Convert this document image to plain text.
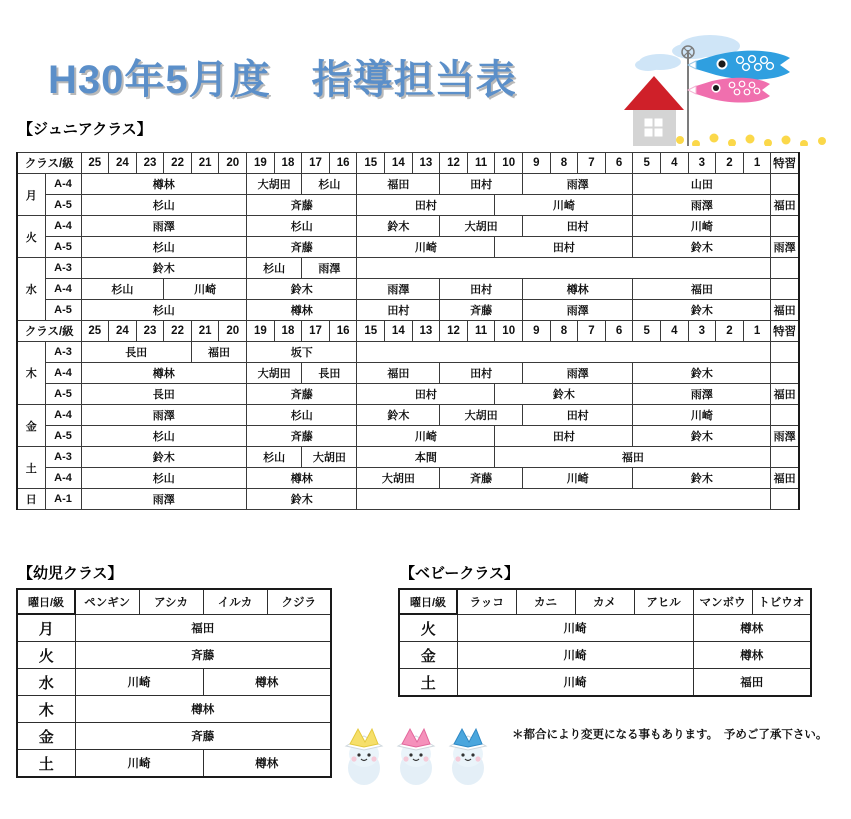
H30年5月度　指導担当表
【ジュニアクラス】
【幼児クラス】	【ベビークラス】
クラス/級		25	24	23	22	21	20	19	18	17	16	15	14	13	12	11	10	9	8	7	6	5	4	3	2	1	特習
月	A-4	樽林						大胡田		杉山		福田			田村			雨澤				山田					
	A-5	杉山						斉藤				田村					川崎					雨澤					福田
火	A-4	雨澤						杉山				鈴木			大胡田			田村				川崎					
	A-5	杉山						斉藤				川崎					田村					鈴木					雨澤
水	A-3	鈴木						杉山		雨澤																	
	A-4	杉山			川崎			鈴木				雨澤			田村			樽林				福田					
	A-5	杉山						樽林				田村			斉藤			雨澤				鈴木					福田
クラス/級		25	24	23	22	21	20	19	18	17	16	15	14	13	12	11	10	9	8	7	6	5	4	3	2	1	特習
木	A-3	長田				福田		坂下																			
	A-4	樽林						大胡田		長田		福田			田村			雨澤				鈴木					
	A-5	長田						斉藤				田村					鈴木					雨澤					福田
金	A-4	雨澤						杉山				鈴木			大胡田			田村				川崎					
	A-5	杉山						斉藤				川崎					田村					鈴木					雨澤
土	A-3	鈴木						杉山		大胡田		本間					福田										
	A-4	杉山						樽林				大胡田			斉藤			川崎				鈴木					福田
日	A-1	雨澤						鈴木																			
曜日/級	ペンギン	アシカ	イルカ	クジラ
月	福田			
火	斉藤			
水	川崎		樽林	
木	樽林			
金	斉藤			
土	川崎		樽林	
曜日/級	ラッコ	カニ	カメ	アヒル	マンボウ	トビウオ
火	川崎				樽林	
金	川崎				樽林	
土	川崎				福田	
＊都合により変更になる事もあります。　予めご了承下さい。
